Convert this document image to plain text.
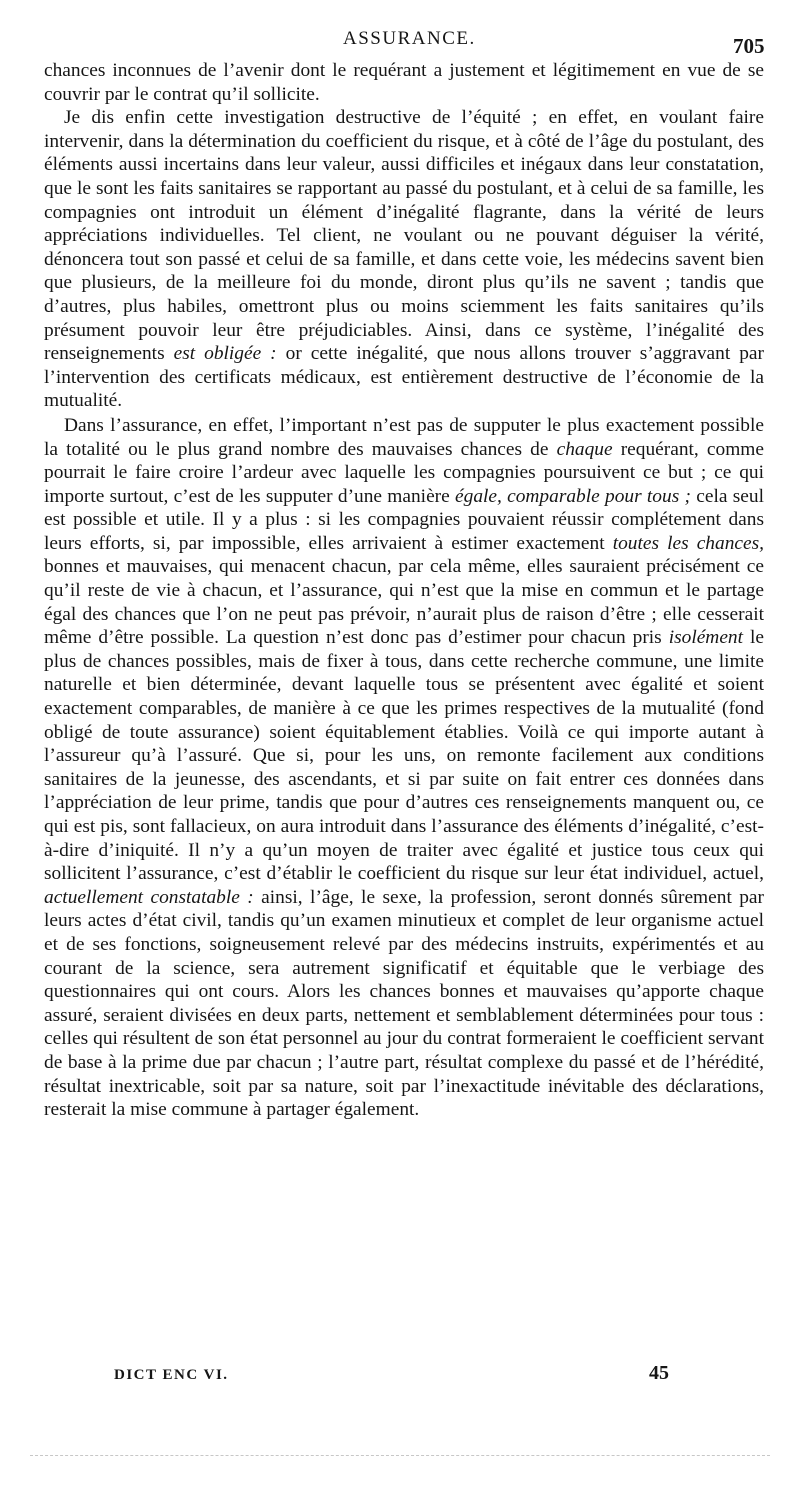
ASSURANCE.	705

chances inconnues de l’avenir dont le requérant a justement et légitimement en vue de se couvrir par le contrat qu’il sollicite.

Je dis enfin cette investigation destructive de l’équité ; en effet, en voulant faire intervenir, dans la détermination du coefficient du risque, et à côté de l’âge du postulant, des éléments aussi incertains dans leur valeur, aussi difficiles et inégaux dans leur constatation, que le sont les faits sanitaires se rapportant au passé du postulant, et à celui de sa famille, les compagnies ont introduit un élément d’inégalité flagrante, dans la vérité de leurs appréciations individuelles. Tel client, ne voulant ou ne pouvant déguiser la vérité, dénoncera tout son passé et celui de sa famille, et dans cette voie, les médecins savent bien que plusieurs, de la meilleure foi du monde, diront plus qu’ils ne savent ; tandis que d’autres, plus habiles, omettront plus ou moins sciemment les faits sanitaires qu’ils présument pouvoir leur être préjudiciables. Ainsi, dans ce système, l’inégalité des renseignements est obligée : or cette inégalité, que nous allons trouver s’aggravant par l’intervention des certificats médicaux, est entièrement destructive de l’économie de la mutualité.

Dans l’assurance, en effet, l’important n’est pas de supputer le plus exactement possible la totalité ou le plus grand nombre des mauvaises chances de chaque requérant, comme pourrait le faire croire l’ardeur avec laquelle les compagnies poursuivent ce but ; ce qui importe surtout, c’est de les supputer d’une manière égale, comparable pour tous ; cela seul est possible et utile. Il y a plus : si les compagnies pouvaient réussir complétement dans leurs efforts, si, par impossible, elles arrivaient à estimer exactement toutes les chances, bonnes et mauvaises, qui menacent chacun, par cela même, elles sauraient précisément ce qu’il reste de vie à chacun, et l’assurance, qui n’est que la mise en commun et le partage égal des chances que l’on ne peut pas prévoir, n’aurait plus de raison d’être ; elle cesserait même d’être possible. La question n’est donc pas d’estimer pour chacun pris isolément le plus de chances possibles, mais de fixer à tous, dans cette recherche commune, une limite naturelle et bien déterminée, devant laquelle tous se présentent avec égalité et soient exactement comparables, de manière à ce que les primes respectives de la mutualité (fond obligé de toute assurance) soient équitablement établies. Voilà ce qui importe autant à l’assureur qu’à l’assuré. Que si, pour les uns, on remonte facilement aux conditions sanitaires de la jeunesse, des ascendants, et si par suite on fait entrer ces données dans l’appréciation de leur prime, tandis que pour d’autres ces renseignements manquent ou, ce qui est pis, sont fallacieux, on aura introduit dans l’assurance des éléments d’inégalité, c’est-à-dire d’iniquité. Il n’y a qu’un moyen de traiter avec égalité et justice tous ceux qui sollicitent l’assurance, c’est d’établir le coefficient du risque sur leur état individuel, actuel, actuellement constatable : ainsi, l’âge, le sexe, la profession, seront donnés sûrement par leurs actes d’état civil, tandis qu’un examen minutieux et complet de leur organisme actuel et de ses fonctions, soigneusement relevé par des médecins instruits, expérimentés et au courant de la science, sera autrement significatif et équitable que le verbiage des questionnaires qui ont cours. Alors les chances bonnes et mauvaises qu’apporte chaque assuré, seraient divisées en deux parts, nettement et semblablement déterminées pour tous : celles qui résultent de son état personnel au jour du contrat formeraient le coefficient servant de base à la prime due par chacun ; l’autre part, résultat complexe du passé et de l’hérédité, résultat inextricable, soit par sa nature, soit par l’inexactitude inévitable des déclarations, resterait la mise commune à partager également.

DICT ENC VI.	45
